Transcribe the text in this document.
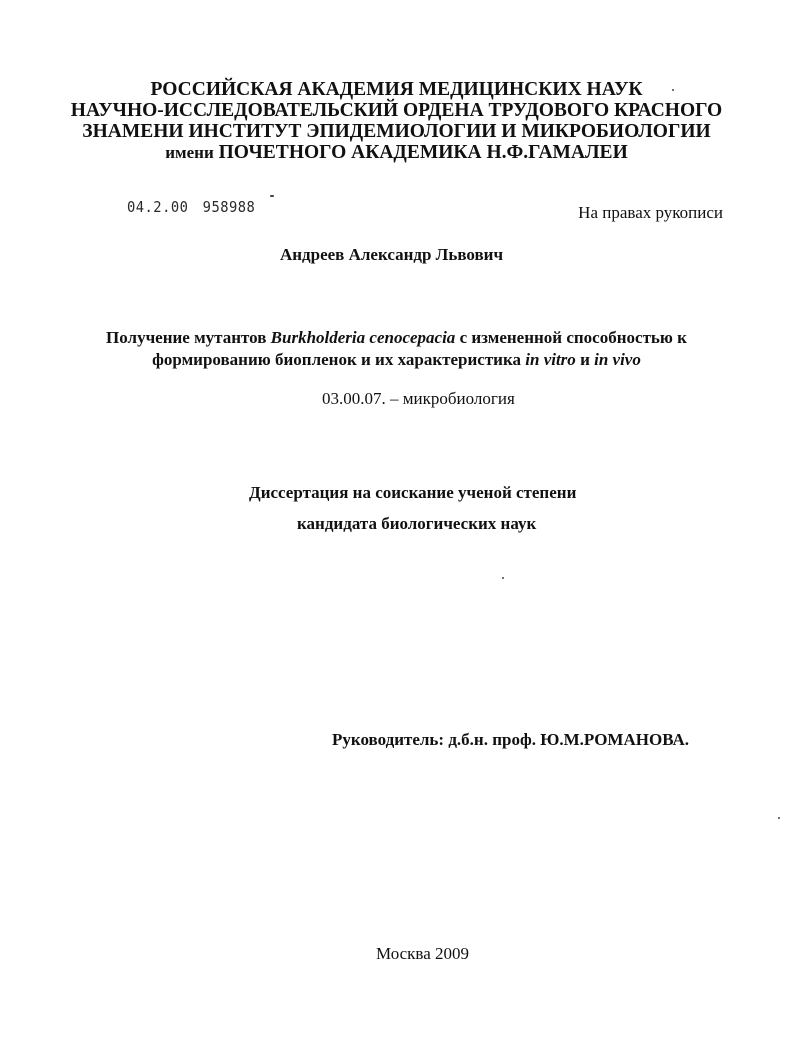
РОССИЙСКАЯ АКАДЕМИЯ МЕДИЦИНСКИХ НАУК
НАУЧНО-ИССЛЕДОВАТЕЛЬСКИЙ ОРДЕНА ТРУДОВОГО КРАСНОГО
ЗНАМЕНИ ИНСТИТУТ ЭПИДЕМИОЛОГИИ И МИКРОБИОЛОГИИ
имени ПОЧЕТНОГО АКАДЕМИКА Н.Ф.ГАМАЛЕИ
04.2.00 958988	На правах рукописи
Андреев Александр Львович
Получение мутантов Burkholderia cenocepacia с измененной способностью к
формированию биопленок и их характеристика in vitro и in vivo
03.00.07. – микробиология
Диссертация на соискание ученой степени
кандидата биологических наук
Руководитель: д.б.н. проф. Ю.М.РОМАНОВА.
Москва 2009
